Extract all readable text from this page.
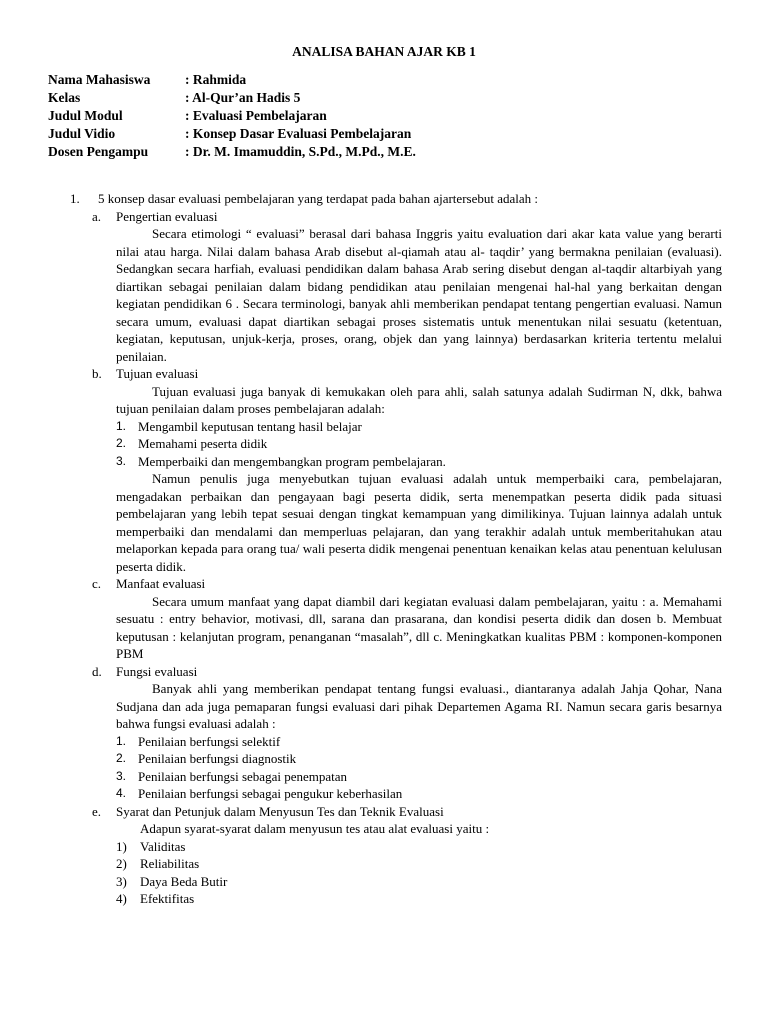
ANALISA BAHAN AJAR KB 1
Nama Mahasiswa	: Rahmida
Kelas	: Al-Qur’an Hadis 5
Judul Modul	: Evaluasi Pembelajaran
Judul Vidio	: Konsep Dasar Evaluasi Pembelajaran
Dosen Pengampu	: Dr. M. Imamuddin, S.Pd., M.Pd., M.E.
1.	5 konsep dasar evaluasi pembelajaran yang terdapat pada bahan ajartersebut adalah :
a.	Pengertian evaluasi
Secara etimologi “ evaluasi” berasal dari bahasa Inggris yaitu evaluation dari akar kata value yang berarti nilai atau harga. Nilai dalam bahasa Arab disebut al-qiamah atau al- taqdir’ yang bermakna penilaian (evaluasi). Sedangkan secara harfiah, evaluasi pendidikan dalam bahasa Arab sering disebut dengan al-taqdir altarbiyah yang diartikan sebagai penilaian dalam bidang pendidikan atau penilaian mengenai hal-hal yang berkaitan dengan kegiatan pendidikan 6 . Secara terminologi, banyak ahli memberikan pendapat tentang pengertian evaluasi. Namun secara umum, evaluasi dapat diartikan sebagai proses sistematis untuk menentukan nilai sesuatu (ketentuan, kegiatan, keputusan, unjuk-kerja, proses, orang, objek dan yang lainnya) berdasarkan kriteria tertentu melalui penilaian.
b.	Tujuan evaluasi
Tujuan evaluasi juga banyak di kemukakan oleh para ahli, salah satunya adalah Sudirman N, dkk, bahwa tujuan penilaian dalam proses pembelajaran adalah:
1. Mengambil keputusan tentang hasil belajar
2. Memahami peserta didik
3. Memperbaiki dan mengembangkan program pembelajaran.
Namun penulis juga menyebutkan tujuan evaluasi adalah untuk memperbaiki cara, pembelajaran, mengadakan perbaikan dan pengayaan bagi peserta didik, serta menempatkan peserta didik pada situasi pembelajaran yang lebih tepat sesuai dengan tingkat kemampuan yang dimilikinya. Tujuan lainnya adalah untuk memperbaiki dan mendalami dan memperluas pelajaran, dan yang terakhir adalah untuk memberitahukan atau melaporkan kepada para orang tua/ wali peserta didik mengenai penentuan kenaikan kelas atau penentuan kelulusan peserta didik.
c.	Manfaat evaluasi
Secara umum manfaat yang dapat diambil dari kegiatan evaluasi dalam pembelajaran, yaitu : a. Memahami sesuatu : entry behavior, motivasi, dll, sarana dan prasarana, dan kondisi peserta didik dan dosen b. Membuat keputusan : kelanjutan program, penanganan “masalah”, dll c. Meningkatkan kualitas PBM : komponen-komponen PBM
d.	Fungsi evaluasi
Banyak ahli yang memberikan pendapat tentang fungsi evaluasi., diantaranya adalah Jahja Qohar, Nana Sudjana dan ada juga pemaparan fungsi evaluasi dari pihak Departemen Agama RI. Namun secara garis besarnya bahwa fungsi evaluasi adalah :
1. Penilaian berfungsi selektif
2. Penilaian berfungsi diagnostik
3. Penilaian berfungsi sebagai penempatan
4. Penilaian berfungsi sebagai pengukur keberhasilan
e.	Syarat dan Petunjuk dalam Menyusun Tes dan Teknik Evaluasi
Adapun syarat-syarat dalam menyusun tes atau alat evaluasi yaitu :
1)	Validitas
2)	Reliabilitas
3)	Daya Beda Butir
4)	Efektifitas
